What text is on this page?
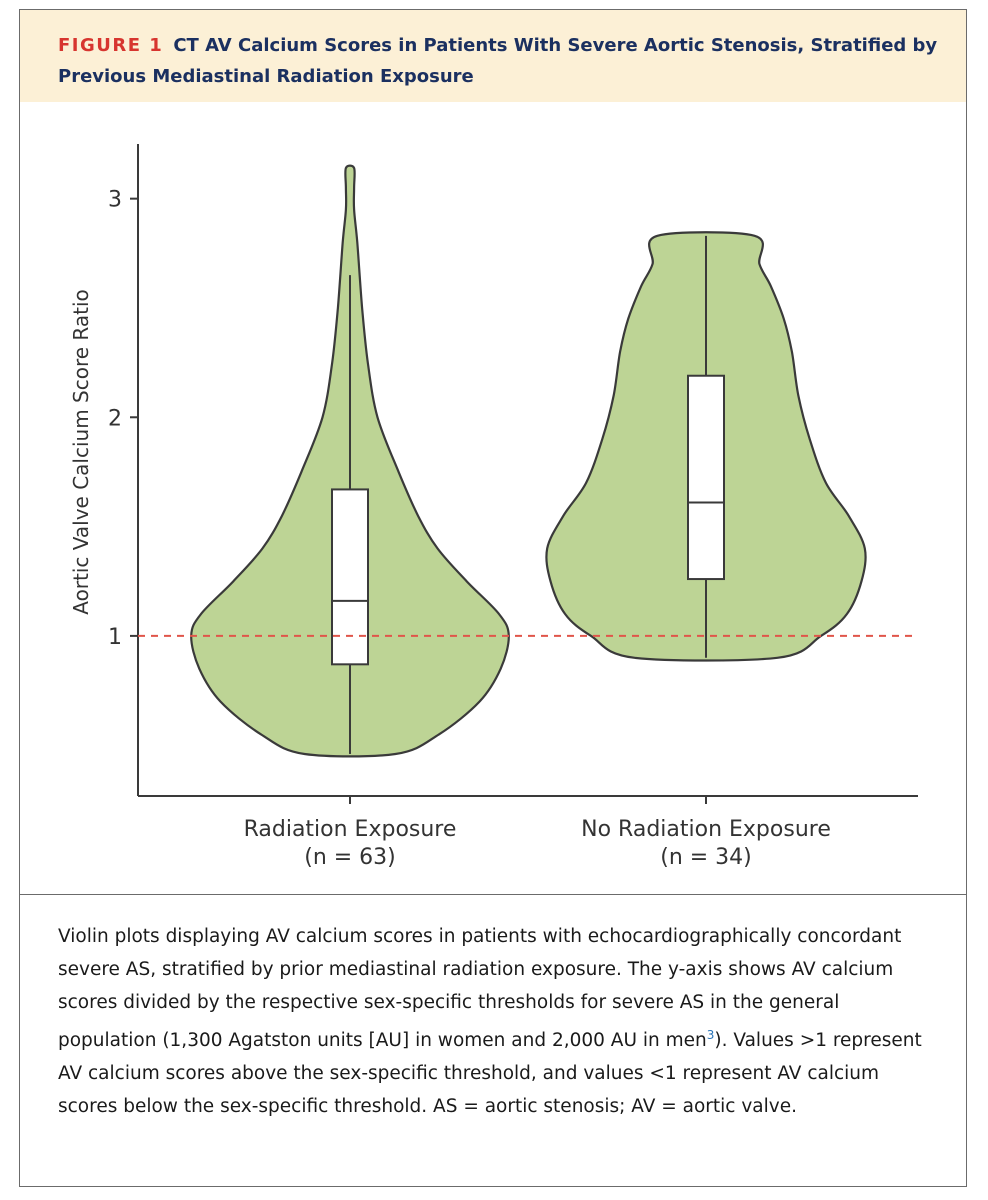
FIGURE 1 CT AV Calcium Scores in Patients With Severe Aortic Stenosis, Stratified by Previous Mediastinal Radiation Exposure
1
2
3
Aortic Valve Calcium Score Ratio
Radiation Exposure
(n = 63)
No Radiation Exposure
(n = 34)
Violin plots displaying AV calcium scores in patients with echocardiographically concordant severe AS, stratified by prior mediastinal radiation exposure. The y-axis shows AV calcium scores divided by the respective sex-specific thresholds for severe AS in the general population (1,300 Agatston units [AU] in women and 2,000 AU in men$^3$). Values >1 represent AV calcium scores above the sex-specific threshold, and values <1 represent AV calcium scores below the sex-specific threshold. AS = aortic stenosis; AV = aortic valve.
